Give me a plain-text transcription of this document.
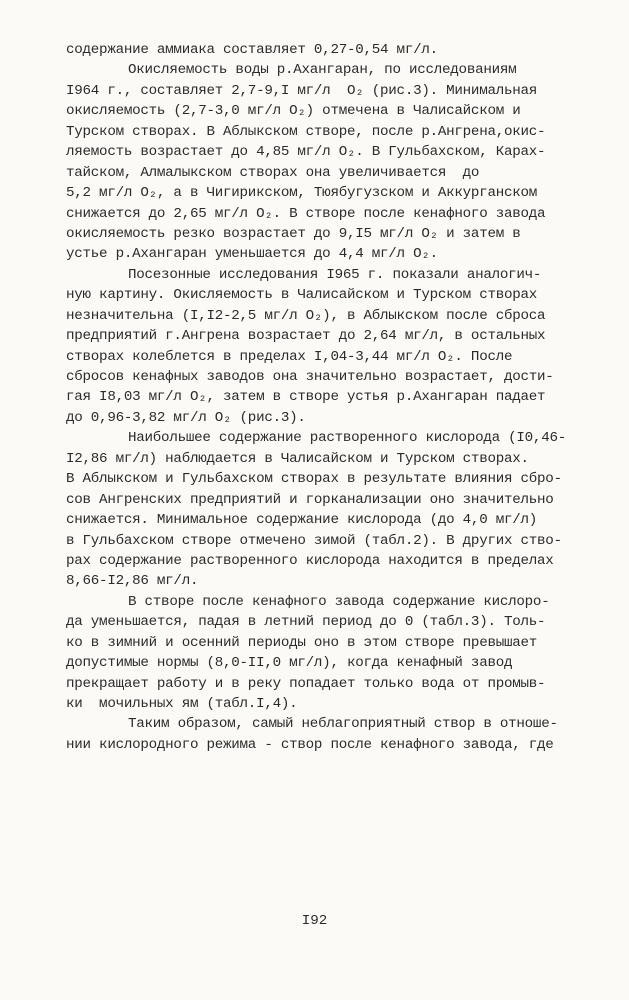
содержание аммиака составляет 0,27-0,54 мг/л.
Окисляемость воды р.Ахангаран, по исследованиям
I964 г., составляет 2,7-9,I мг/л  O₂ (рис.3). Минимальная
окисляемость (2,7-3,0 мг/л O₂) отмечена в Чалисайском и
Турском створах. В Аблыкском створе, после р.Ангрена,окис-
ляемость возрастает до 4,85 мг/л O₂. В Гульбахском, Карах-
тайском, Алмалыкском створах она увеличивается  до
5,2 мг/л O₂, а в Чигирикском, Тюябугузском и Аккурганском
снижается до 2,65 мг/л O₂. В створе после кенафного завода
окисляемость резко возрастает до 9,I5 мг/л O₂ и затем в
устье р.Ахангаран уменьшается до 4,4 мг/л O₂.
Посезонные исследования I965 г. показали аналогич-
ную картину. Окисляемость в Чалисайском и Турском створах
незначительна (I,I2-2,5 мг/л O₂), в Аблыкском после сброса
предприятий г.Ангрена возрастает до 2,64 мг/л, в остальных
створах колеблется в пределах I,04-3,44 мг/л O₂. После
сбросов кенафных заводов она значительно возрастает, дости-
гая I8,03 мг/л O₂, затем в створе устья р.Ахангаран падает
до 0,96-3,82 мг/л O₂ (рис.3).
Наибольшее содержание растворенного кислорода (I0,46-
I2,86 мг/л) наблюдается в Чалисайском и Турском створах.
В Аблыкском и Гульбахском створах в результате влияния сбро-
сов Ангренских предприятий и горканализации оно значительно
снижается. Минимальное содержание кислорода (до 4,0 мг/л)
в Гульбахском створе отмечено зимой (табл.2). В других ство-
рах содержание растворенного кислорода находится в пределах
8,66-I2,86 мг/л.
В створе после кенафного завода содержание кислоро-
да уменьшается, падая в летний период до 0 (табл.3). Толь-
ко в зимний и осенний периоды оно в этом створе превышает
допустимые нормы (8,0-II,0 мг/л), когда кенафный завод
прекращает работу и в реку попадает только вода от промыв-
ки  мочильных ям (табл.I,4).
Таким образом, самый неблагоприятный створ в отноше-
нии кислородного режима - створ после кенафного завода, где
I92
